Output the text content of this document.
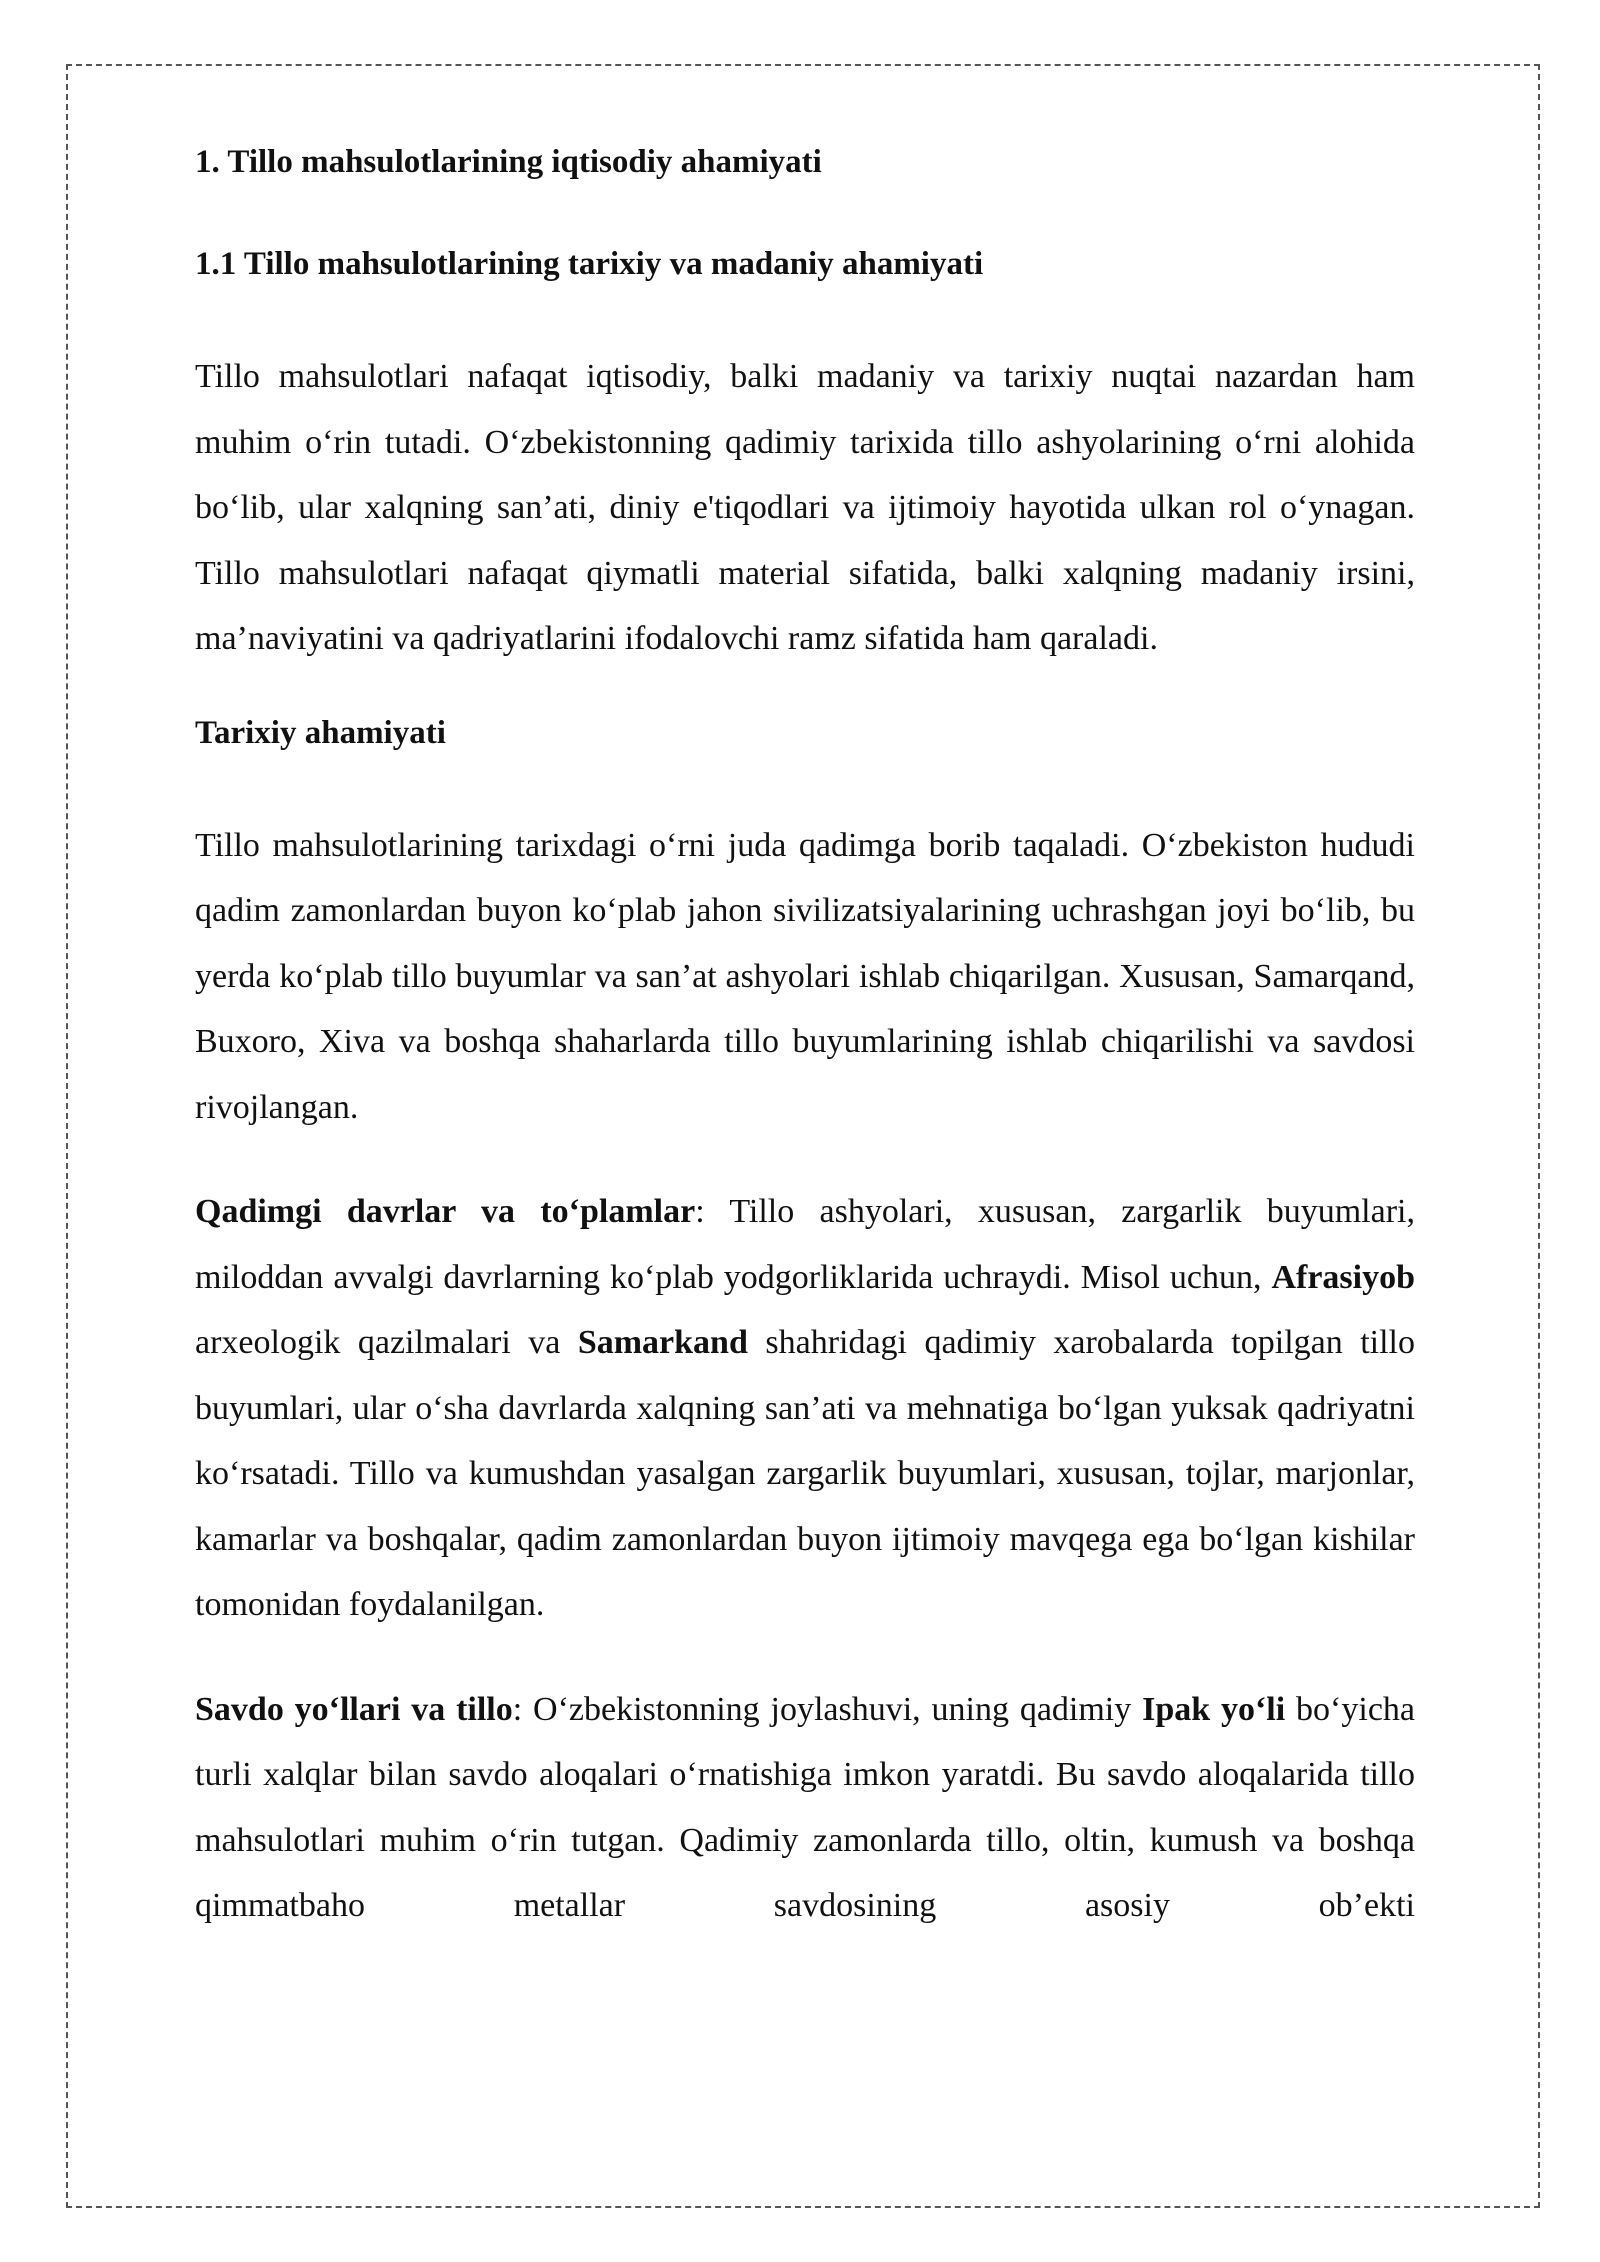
1. Tillo mahsulotlarining iqtisodiy ahamiyati
1.1 Tillo mahsulotlarining tarixiy va madaniy ahamiyati

Tillo mahsulotlari nafaqat iqtisodiy, balki madaniy va tarixiy nuqtai nazardan ham muhim o‘rin tutadi. O‘zbekistonning qadimiy tarixida tillo ashyolarining o‘rni alohida bo‘lib, ular xalqning san’ati, diniy e'tiqodlari va ijtimoiy hayotida ulkan rol o‘ynagan. Tillo mahsulotlari nafaqat qiymatli material sifatida, balki xalqning madaniy irsini, ma’naviyatini va qadriyatlarini ifodalovchi ramz sifatida ham qaraladi.

Tarixiy ahamiyati

Tillo mahsulotlarining tarixdagi o‘rni juda qadimga borib taqaladi. O‘zbekiston hududi qadim zamonlardan buyon ko‘plab jahon sivilizatsiyalarining uchrashgan joyi bo‘lib, bu yerda ko‘plab tillo buyumlar va san’at ashyolari ishlab chiqarilgan. Xususan, Samarqand, Buxoro, Xiva va boshqa shaharlarda tillo buyumlarining ishlab chiqarilishi va savdosi rivojlangan.

Qadimgi davrlar va to‘plamlar: Tillo ashyolari, xususan, zargarlik buyumlari, miloddan avvalgi davrlarning ko‘plab yodgorliklarida uchraydi. Misol uchun, Afrasiyob arxeologik qazilmalari va Samarkand shahridagi qadimiy xarobalarda topilgan tillo buyumlari, ular o‘sha davrlarda xalqning san’ati va mehnatiga bo‘lgan yuksak qadriyatni ko‘rsatadi. Tillo va kumushdan yasalgan zargarlik buyumlari, xususan, tojlar, marjonlar, kamarlar va boshqalar, qadim zamonlardan buyon ijtimoiy mavqega ega bo‘lgan kishilar tomonidan foydalanilgan.

Savdo yo‘llari va tillo: O‘zbekistonning joylashuvi, uning qadimiy Ipak yo‘li bo‘yicha turli xalqlar bilan savdo aloqalari o‘rnatishiga imkon yaratdi. Bu savdo aloqalarida tillo mahsulotlari muhim o‘rin tutgan. Qadimiy zamonlarda tillo, oltin, kumush va boshqa qimmatbaho metallar savdosining asosiy ob’ekti
